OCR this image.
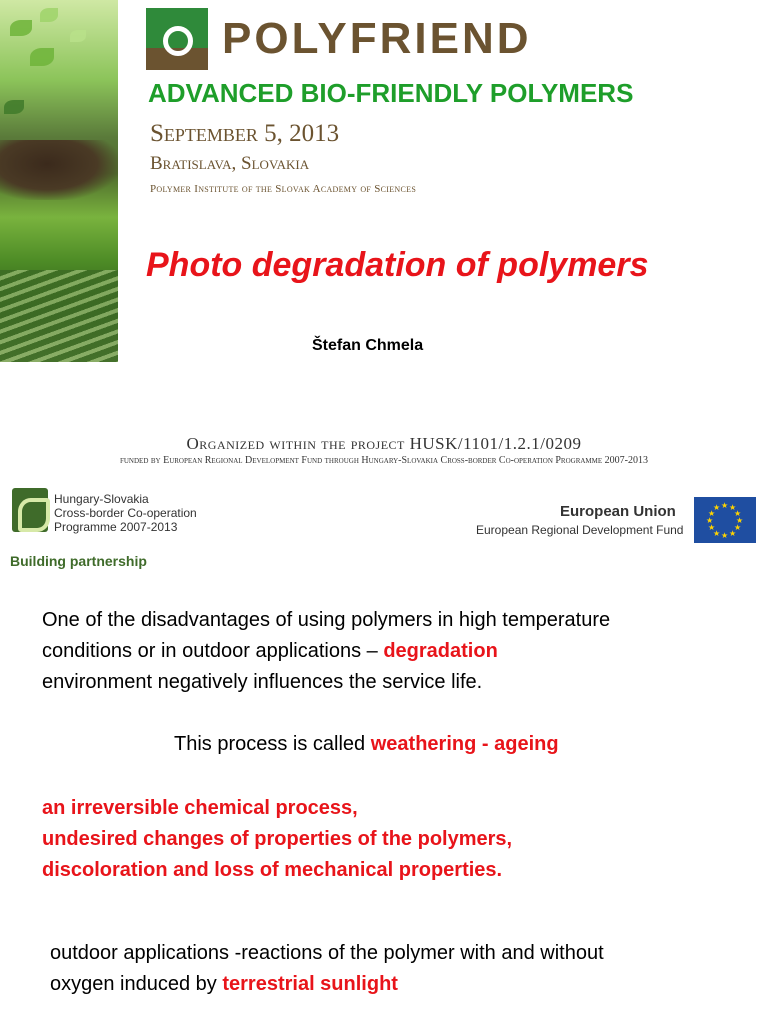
POLYFRIEND
ADVANCED BIO-FRIENDLY POLYMERS
September 5, 2013
Bratislava, Slovakia
Polymer Institute of the Slovak Academy of Sciences
Photo degradation of polymers
Štefan Chmela
Organized within the project HUSK/1101/1.2.1/0209
funded by European Regional Development Fund through Hungary-Slovakia Cross-border Co-operation Programme 2007-2013
Hungary-Slovakia
Cross-border Co-operation
Programme 2007-2013
Building partnership
European Union
European Regional Development Fund
★ ★
★
★
★
★
★
★
★
★
★
★
One of the disadvantages of using polymers in high temperature
conditions or in outdoor applications – degradation
environment negatively influences the service life.
This process is called weathering - ageing
an irreversible chemical process,
undesired changes of properties of the polymers,
discoloration and loss of mechanical properties.
outdoor applications -reactions of the polymer with and without
oxygen induced by terrestrial sunlight
